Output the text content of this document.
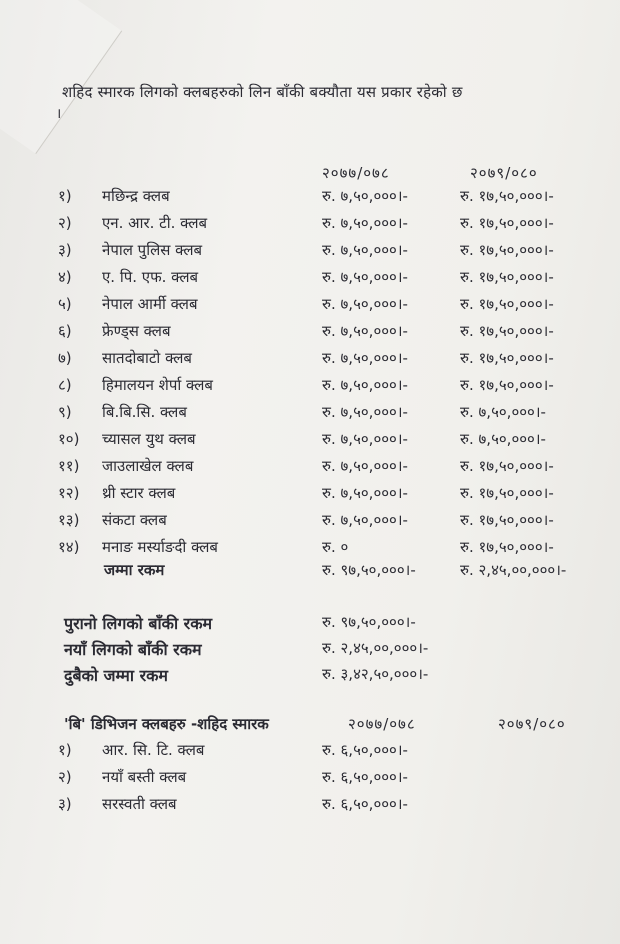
शहिद स्मारक लिगको क्लबहरुको लिन बाँकी बक्यौता यस प्रकार रहेको छ
।
२०७७/०७८	२०७९/०८०
१) मछिन्द्र क्लब	रु. ७,५०,०००।-	रु. १७,५०,०००।-
२) एन. आर. टी. क्लब	रु. ७,५०,०००।-	रु. १७,५०,०००।-
३) नेपाल पुलिस क्लब	रु. ७,५०,०००।-	रु. १७,५०,०००।-
४) ए. पि. एफ. क्लब	रु. ७,५०,०००।-	रु. १७,५०,०००।-
५) नेपाल आर्मी क्लब	रु. ७,५०,०००।-	रु. १७,५०,०००।-
६) फ्रेण्ड्स क्लब	रु. ७,५०,०००।-	रु. १७,५०,०००।-
७) सातदोबाटो क्लब	रु. ७,५०,०००।-	रु. १७,५०,०००।-
८) हिमालयन शेर्पा क्लब	रु. ७,५०,०००।-	रु. १७,५०,०००।-
९) बि.बि.सि. क्लब	रु. ७,५०,०००।-	रु. ७,५०,०००।-
१०) च्यासल युथ क्लब	रु. ७,५०,०००।-	रु. ७,५०,०००।-
११) जाउलाखेल क्लब	रु. ७,५०,०००।-	रु. १७,५०,०००।-
१२) थ्री स्टार क्लब	रु. ७,५०,०००।-	रु. १७,५०,०००।-
१३) संकटा क्लब	रु. ७,५०,०००।-	रु. १७,५०,०००।-
१४) मनाङ मर्स्याङदी क्लब	रु. ०	रु. १७,५०,०००।-
जम्मा रकम	रु. ९७,५०,०००।-	रु. २,४५,००,०००।-
पुरानो लिगको बाँकी रकम	रु. ९७,५०,०००।-
नयाँ लिगको बाँकी रकम	रु. २,४५,००,०००।-
दुबैको जम्मा रकम	रु. ३,४२,५०,०००।-
'बि' डिभिजन क्लबहरु -शहिद स्मारक	२०७७/०७८	२०७९/०८०
१) आर. सि. टि. क्लब	रु. ६,५०,०००।-
२) नयाँ बस्ती क्लब	रु. ६,५०,०००।-
३) सरस्वती क्लब	रु. ६,५०,०००।-
